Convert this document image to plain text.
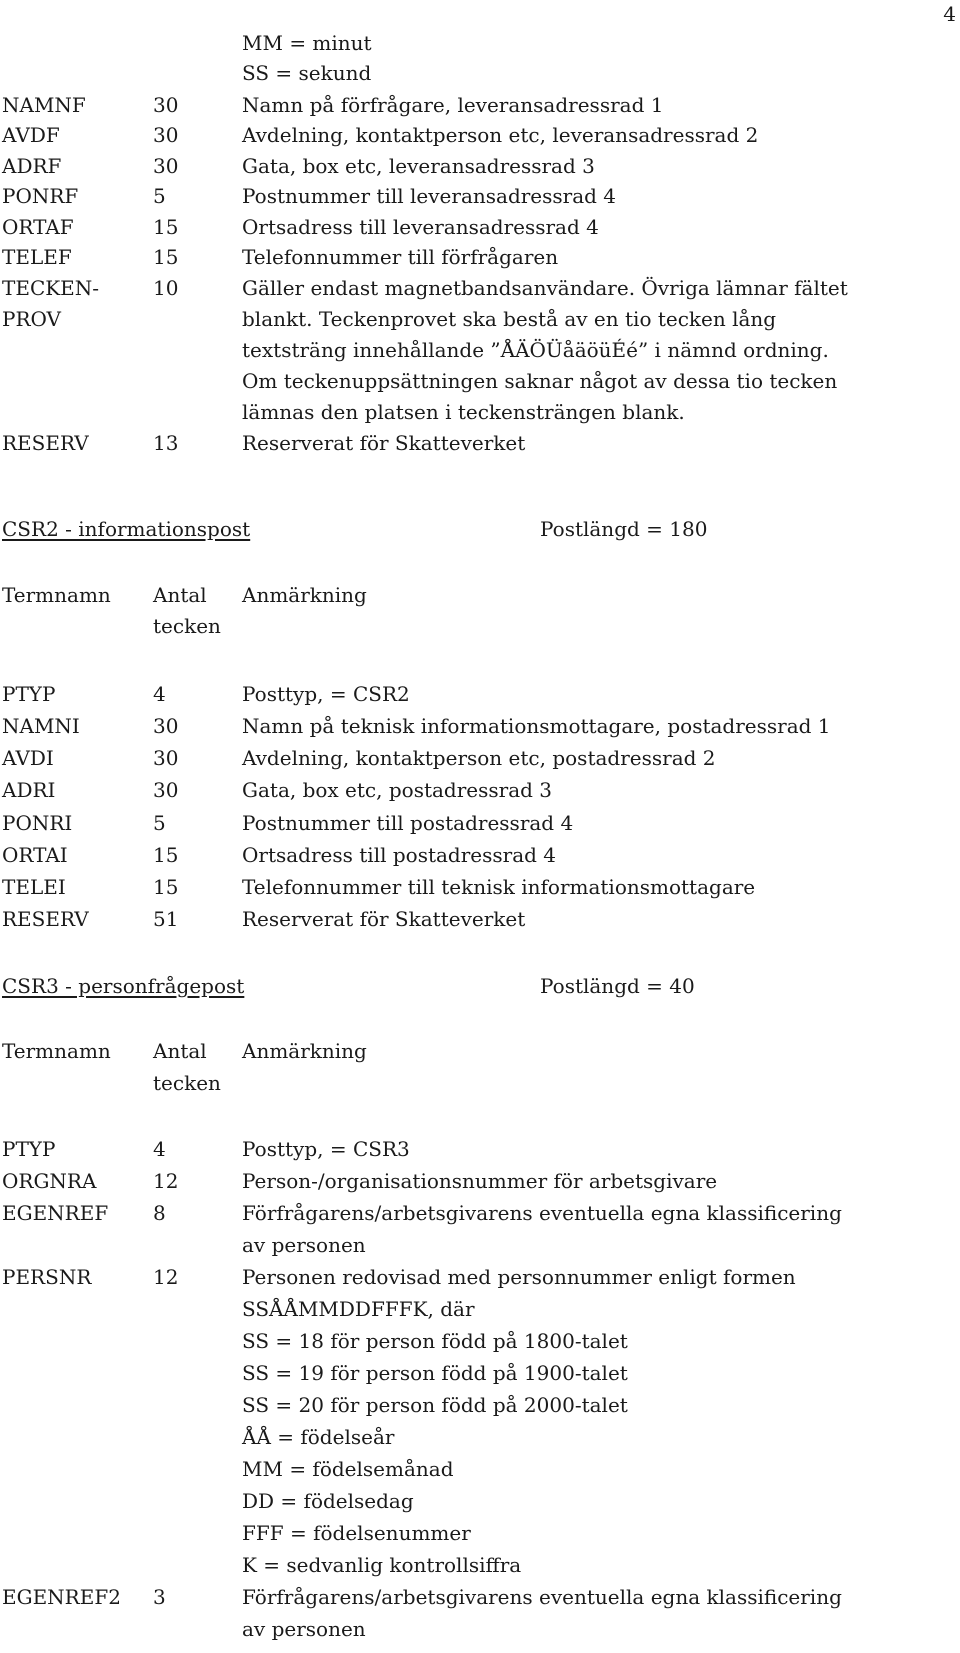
4
MM = minut
SS = sekund
NAMNF	30	Namn på förfrågare, leveransadressrad 1
AVDF	30	Avdelning, kontaktperson etc, leveransadressrad 2
ADRF	30	Gata, box etc, leveransadressrad 3
PONRF	5	Postnummer till leveransadressrad 4
ORTAF	15	Ortsadress till leveransadressrad 4
TELEF	15	Telefonnummer till förfrågaren
TECKEN-	10	Gäller endast magnetbandsanvändare. Övriga lämnar fältet
PROV	blankt. Teckenprovet ska bestå av en tio tecken lång
textsträng innehållande ”ÅÄÖÜåäöüÉé” i nämnd ordning.
Om teckenuppsättningen saknar något av dessa tio tecken
lämnas den platsen i teckensträngen blank.
RESERV	13	Reserverat för Skatteverket
CSR2 - informationspost	Postlängd = 180
Termnamn Antal Anmärkning
tecken
PTYP	4	Posttyp, = CSR2
NAMNI	30	Namn på teknisk informationsmottagare, postadressrad 1
AVDI	30	Avdelning, kontaktperson etc, postadressrad 2
ADRI	30	Gata, box etc, postadressrad 3
PONRI	5	Postnummer till postadressrad 4
ORTAI	15	Ortsadress till postadressrad 4
TELEI	15	Telefonnummer till teknisk informationsmottagare
RESERV	51	Reserverat för Skatteverket
CSR3 - personfrågepost	Postlängd = 40
Termnamn Antal Anmärkning
tecken
PTYP	4	Posttyp, = CSR3
ORGNRA	12	Person-/organisationsnummer för arbetsgivare
EGENREF 8	Förfrågarens/arbetsgivarens eventuella egna klassificering
av personen
PERSNR	12	Personen redovisad med personnummer enligt formen
SSÅÅMMDDFFFK, där
SS = 18 för person född på 1800-talet
SS = 19 för person född på 1900-talet
SS = 20 för person född på 2000-talet
ÅÅ = födelseår
MM = födelsemånad
DD = födelsedag
FFF = födelsenummer
K = sedvanlig kontrollsiffra
EGENREF2 3	Förfrågarens/arbetsgivarens eventuella egna klassificering
av personen
